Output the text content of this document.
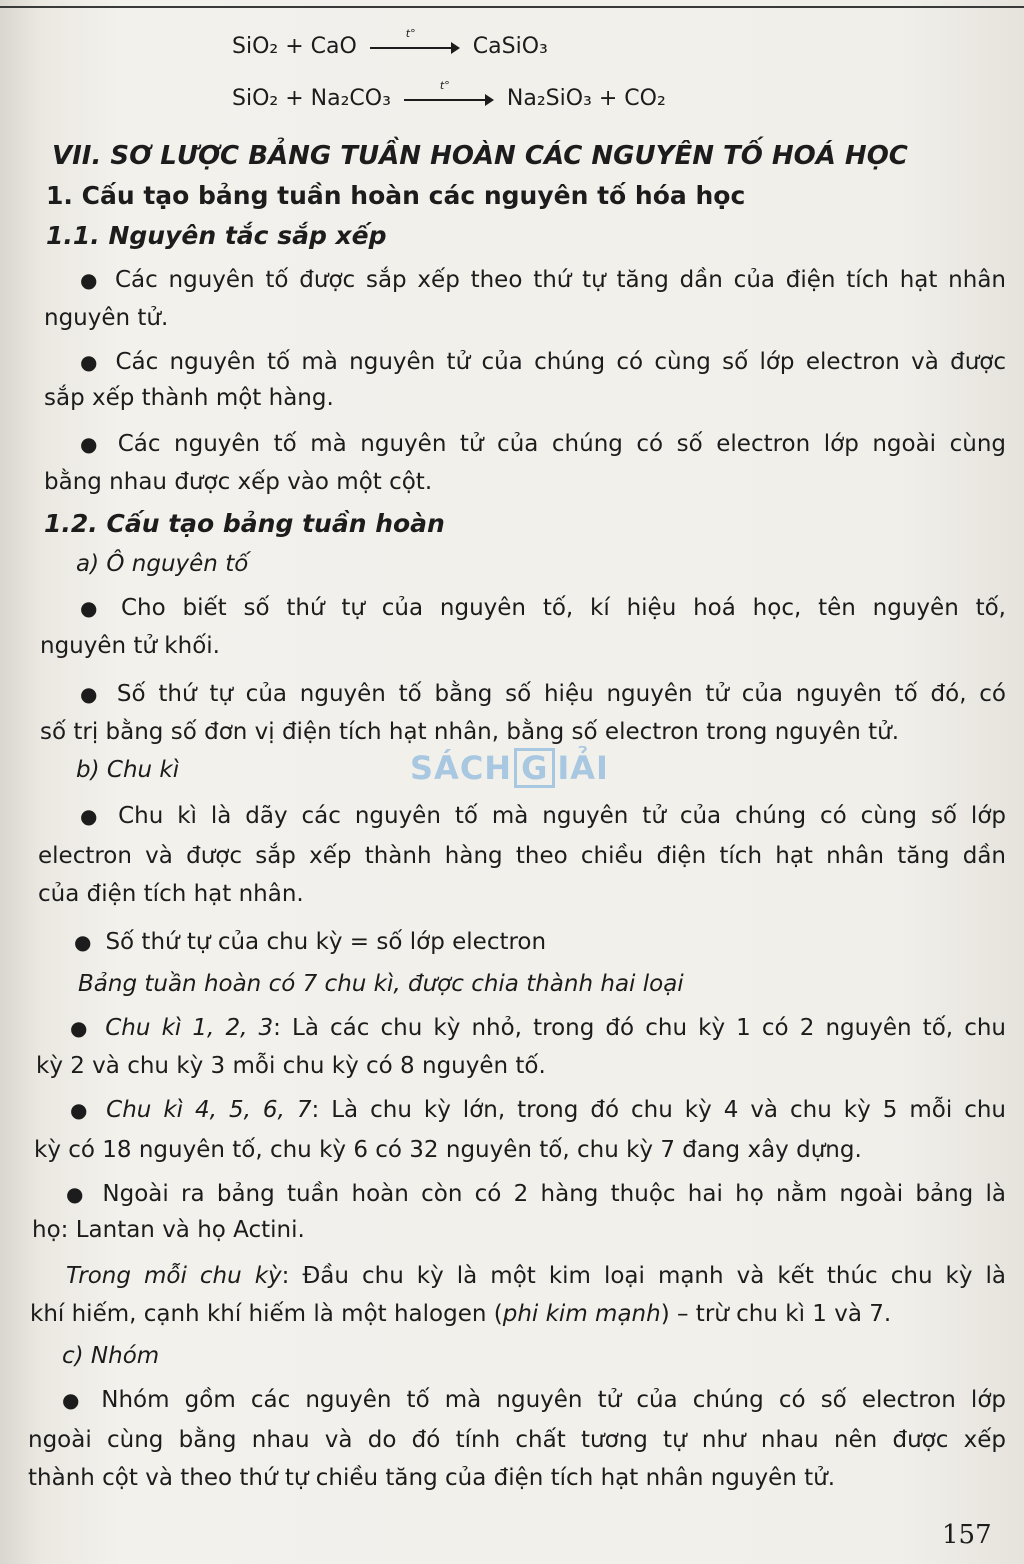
SiO₂ + CaO
t°
CaSiO₃
SiO₂ + Na₂CO₃
t°
Na₂SiO₃ + CO₂
VII. SƠ LƯỢC BẢNG TUẦN HOÀN CÁC NGUYÊN TỐ HOÁ HỌC
1. Cấu tạo bảng tuần hoàn các nguyên tố hóa học
1.1. Nguyên tắc sắp xếp
● Các nguyên tố được sắp xếp theo thứ tự tăng dần của điện tích hạt nhân
nguyên tử.
● Các nguyên tố mà nguyên tử của chúng có cùng số lớp electron và được
sắp xếp thành một hàng.
● Các nguyên tố mà nguyên tử của chúng có số electron lớp ngoài cùng
bằng nhau được xếp vào một cột.
1.2. Cấu tạo bảng tuần hoàn
a) Ô nguyên tố
● Cho biết số thứ tự của nguyên tố, kí hiệu hoá học, tên nguyên tố,
nguyên tử khối.
● Số thứ tự của nguyên tố bằng số hiệu nguyên tử của nguyên tố đó, có
số trị bằng số đơn vị điện tích hạt nhân, bằng số electron trong nguyên tử.
b) Chu kì
● Chu kì là dãy các nguyên tố mà nguyên tử của chúng có cùng số lớp
electron và được sắp xếp thành hàng theo chiều điện tích hạt nhân tăng dần
của điện tích hạt nhân.
● Số thứ tự của chu kỳ = số lớp electron
Bảng tuần hoàn có 7 chu kì, được chia thành hai loại
● Chu kì 1, 2, 3: Là các chu kỳ nhỏ, trong đó chu kỳ 1 có 2 nguyên tố, chu
kỳ 2 và chu kỳ 3 mỗi chu kỳ có 8 nguyên tố.
● Chu kì 4, 5, 6, 7: Là chu kỳ lớn, trong đó chu kỳ 4 và chu kỳ 5 mỗi chu
kỳ có 18 nguyên tố, chu kỳ 6 có 32 nguyên tố, chu kỳ 7 đang xây dựng.
● Ngoài ra bảng tuần hoàn còn có 2 hàng thuộc hai họ nằm ngoài bảng là
họ: Lantan và họ Actini.
Trong mỗi chu kỳ: Đầu chu kỳ là một kim loại mạnh và kết thúc chu kỳ là
khí hiếm, cạnh khí hiếm là một halogen (phi kim mạnh) – trừ chu kì 1 và 7.
c) Nhóm
● Nhóm gồm các nguyên tố mà nguyên tử của chúng có số electron lớp
ngoài cùng bằng nhau và do đó tính chất tương tự như nhau nên được xếp
thành cột và theo thứ tự chiều tăng của điện tích hạt nhân nguyên tử.
SÁCH G IẢI
157
